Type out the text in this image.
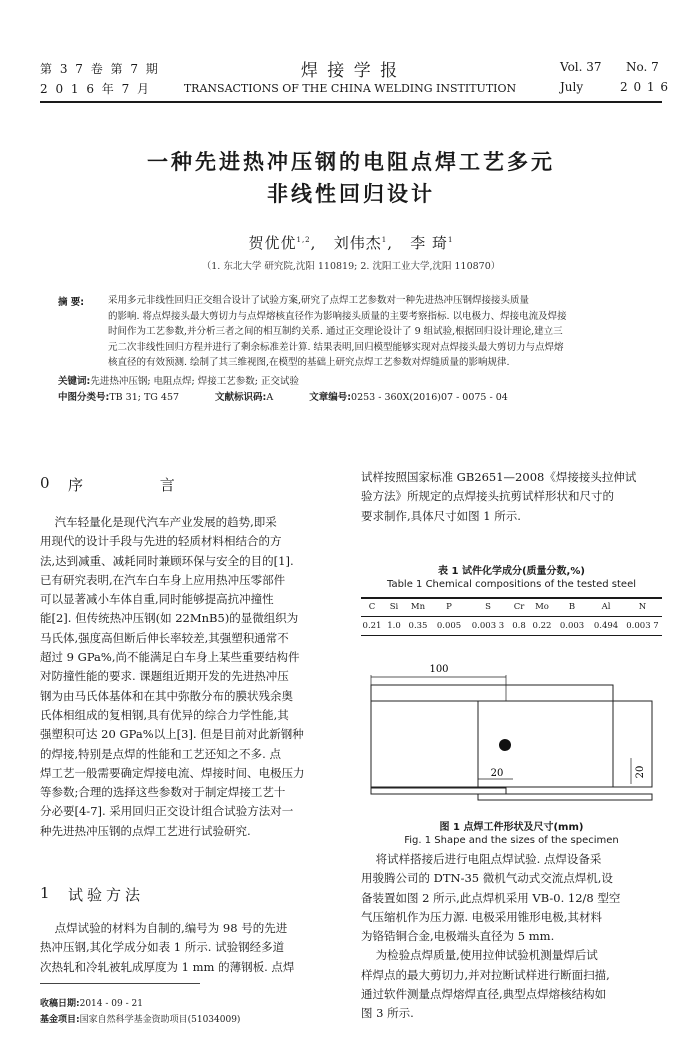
第 3 7 卷 第 7 期
2 0 1 6 年 7 月
焊 接 学 报
TRANSACTIONS OF THE CHINA WELDING INSTITUTION
Vol. 37 No. 7
July	2 0 1 6
一种先进热冲压钢的电阻点焊工艺多元
非线性回归设计
贺优优$^{1,2}$,   刘伟杰$^1$,   李 琦$^1$
（1. 东北大学 研究院,沈阳 110819; 2. 沈阳工业大学,沈阳 110870）
摘 要:	采用多元非线性回归正交组合设计了试验方案,研究了点焊工艺参数对一种先进热冲压钢焊接接头质量
的影响. 将点焊接头最大剪切力与点焊熔核直径作为影响接头质量的主要考察指标. 以电极力、焊接电流及焊接
时间作为工艺参数,并分析三者之间的相互制约关系. 通过正交理论设计了 9 组试验,根据回归设计理论,建立三
元二次非线性回归方程并进行了剩余标准差计算. 结果表明,回归模型能够实现对点焊接头最大剪切力与点焊熔
核直径的有效预测. 绘制了其三维视图,在模型的基础上研究点焊工艺参数对焊缝质量的影响规律.
关键词:先进热冲压钢; 电阻点焊; 焊接工艺参数; 正交试验
中图分类号:TB 31; TG 457	文献标识码:A	文章编号:0253 - 360X(2016)07 - 0075 - 04
0 序 言
汽车轻量化是现代汽车产业发展的趋势,即采
用现代的设计手段与先进的轻质材料相结合的方
法,达到减重、减耗同时兼顾环保与安全的目的[1].
已有研究表明,在汽车白车身上应用热冲压零部件
可以显著减小车体自重,同时能够提高抗冲撞性
能[2]. 但传统热冲压钢(如 22MnB5)的显微组织为
马氏体,强度高但断后伸长率较差,其强塑积通常不
超过 9 GPa%,尚不能满足白车身上某些重要结构件
对防撞性能的要求. 课题组近期开发的先进热冲压
钢为由马氏体基体和在其中弥散分布的膜状残余奥
氏体相组成的复相钢,具有优异的综合力学性能,其
强塑积可达 20 GPa%以上[3]. 但是目前对此新钢种
的焊接,特别是点焊的性能和工艺还知之不多. 点
焊工艺一般需要确定焊接电流、焊接时间、电极压力
等参数;合理的选择这些参数对于制定焊接工艺十
分必要[4-7]. 采用回归正交设计组合试验方法对一
种先进热冲压钢的点焊工艺进行试验研究.
1 试验方法
点焊试验的材料为自制的,编号为 98 号的先进
热冲压钢,其化学成分如表 1 所示. 试验钢经多道
次热轧和冷轧被轧成厚度为 1 mm 的薄钢板. 点焊
收稿日期:2014 - 09 - 21
基金项目:国家自然科学基金资助项目(51034009)
试样按照国家标准 GB2651—2008《焊接接头拉伸试
验方法》所规定的点焊接头抗剪试样形状和尺寸的
要求制作,具体尺寸如图 1 所示.
表 1 试件化学成分(质量分数,%)
Table 1 Chemical compositions of the tested steel
C	Si	Mn	P	S	Cr	Mo	B	Al	N
0.21	1.0	0.35	0.005	0.003 3	0.8	0.22	0.003	0.494	0.003 7
100
20
20
图 1 点焊工件形状及尺寸(mm)
Fig. 1 Shape and the sizes of the specimen
将试样搭接后进行电阻点焊试验. 点焊设备采
用骏腾公司的 DTN-35 微机气动式交流点焊机,设
备装置如图 2 所示,此点焊机采用 VB-0. 12/8 型空
气压缩机作为压力源. 电极采用锥形电极,其材料
为铬锆铜合金,电极端头直径为 5 mm.
为检验点焊质量,使用拉伸试验机测量焊后试
样焊点的最大剪切力,并对拉断试样进行断面扫描,
通过软件测量点焊熔焊直径,典型点焊熔核结构如
图 3 所示.
